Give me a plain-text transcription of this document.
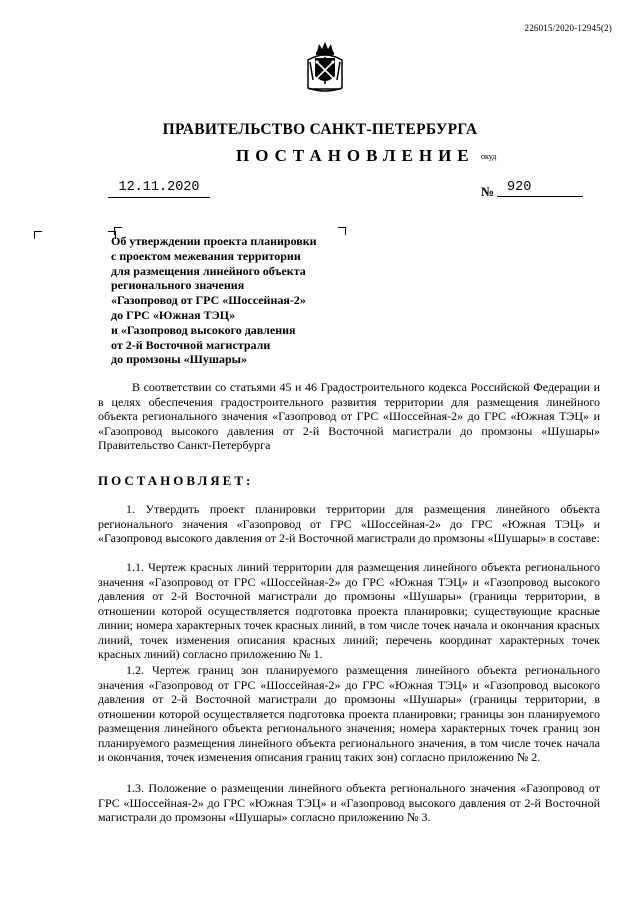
226015/2020-12945(2)
ПРАВИТЕЛЬСТВО САНКТ-ПЕТЕРБУРГА
ПОСТАНОВЛЕНИЕ окуд
12.11.2020	№ 920
Об утверждении проекта планировки
с проектом межевания территории
для размещения линейного объекта
регионального значения
«Газопровод от ГРС «Шоссейная-2»
до ГРС «Южная ТЭЦ»
и «Газопровод высокого давления
от 2-й Восточной магистрали
до промзоны «Шушары»
В соответствии со статьями 45 и 46 Градостроительного кодекса Российской Федерации и в целях обеспечения градостроительного развития территории для размещения линейного объекта регионального значения «Газопровод от ГРС «Шоссейная-2» до ГРС «Южная ТЭЦ» и «Газопровод высокого давления от 2-й Восточной магистрали до промзоны «Шушары» Правительство Санкт-Петербурга
ПОСТАНОВЛЯЕТ:
1. Утвердить проект планировки территории для размещения линейного объекта регионального значения «Газопровод от ГРС «Шоссейная-2» до ГРС «Южная ТЭЦ» и «Газопровод высокого давления от 2-й Восточной магистрали до промзоны «Шушары» в составе:
1.1. Чертеж красных линий территории для размещения линейного объекта регионального значения «Газопровод от ГРС «Шоссейная-2» до ГРС «Южная ТЭЦ» и «Газопровод высокого давления от 2-й Восточной магистрали до промзоны «Шушары» (границы территории, в отношении которой осуществляется подготовка проекта планировки; существующие красные линии; номера характерных точек красных линий, в том числе точек начала и окончания красных линий, точек изменения описания красных линий; перечень координат характерных точек красных линий) согласно приложению № 1.
1.2. Чертеж границ зон планируемого размещения линейного объекта регионального значения «Газопровод от ГРС «Шоссейная-2» до ГРС «Южная ТЭЦ» и «Газопровод высокого давления от 2-й Восточной магистрали до промзоны «Шушары» (границы территории, в отношении которой осуществляется подготовка проекта планировки; границы зон планируемого размещения линейного объекта регионального значения; номера характерных точек границ зон планируемого размещения линейного объекта регионального значения, в том числе точек начала и окончания, точек изменения описания границ таких зон) согласно приложению № 2.
1.3. Положение о размещении линейного объекта регионального значения «Газопровод от ГРС «Шоссейная-2» до ГРС «Южная ТЭЦ» и «Газопровод высокого давления от 2-й Восточной магистрали до промзоны «Шушары» согласно приложению № 3.
